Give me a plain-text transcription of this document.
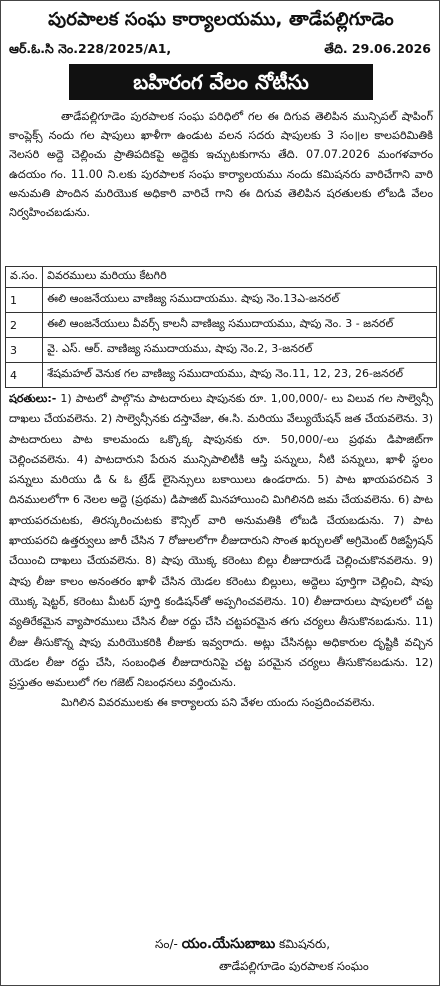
పురపాలక సంఘ కార్యాలయము, తాడేపల్లిగూడెం
ఆర్.ఓ.సి నెం.228/2025/A1,	తేది. 29.06.2026
బహిరంగ వేలం నోటీసు

తాడేపల్లిగూడెం పురపాలక సంఘ పరిధిలో గల ఈ దిగువ తెలిపిన మున్సిపల్ షాపింగ్ కాంప్లెక్స్ నందు గల షాపులు ఖాళీగా ఉండుట వలన సదరు షాపులకు 3 సం॥ల కాలపరిమితికి నెలసరి అద్దె చెల్లించు ప్రాతిపదికపై అద్దెకు ఇచ్చుటకుగాను తేది. 07.07.2026 మంగళవారం ఉదయం గం. 11.00 ని.లకు పురపాలక సంఘ కార్యాలయము నందు కమిషనరు వారిచేగాని వారి అనుమతి పొందిన మరియొక అధికారి వారిచే గాని ఈ దిగువ తెలిపిన షరతులకు లోబడి వేలం నిర్వహించబడును.

వ.సం.	వివరములు మరియు కేటగిరి
1	ఈలి ఆంజనేయులు వాణిజ్య సముదాయము. షాపు నెం.13ఎ-జనరల్
2	ఈలి ఆంజనేయులు వీవర్స్ కాలనీ వాణిజ్య సముదాయము, షాపు నెం. 3 - జనరల్
3	వై. ఎస్. ఆర్. వాణిజ్య సముదాయము, షాపు నెం.2, 3-జనరల్
4	శేషమహల్ వెనుక గల వాణిజ్య సముదాయము, షాపు నెం.11, 12, 23, 26-జనరల్

షరతులు:- 1) పాటలో పాల్గొను పాటదారులు షాపునకు రూ. 1,00,000/- లు విలువ గల సాల్వెన్సీ దాఖలు చేయవలెను. 2) సాల్వెన్సీనకు దస్తావేజు, ఈ.సి. మరియు వేల్యుయేషన్ జత చేయవలెను. 3) పాటదారులు పాట కాలమందు ఒక్కొక్క షాపునకు రూ. 50,000/-లు ప్రథమ డిపాజిట్‌గా చెల్లించవలెను. 4) పాటదారుని పేరున మున్సిపాలిటీకి ఆస్తి పన్నులు, నీటి పన్నులు, ఖాళీ స్థలం పన్నులు మరియు డి & ఓ ట్రేడ్ లైసెన్సులు బకాయిలు ఉండరాదు. 5) పాట ఖాయపరచిన 3 దినములలోగా 6 నెలల అద్దె (ప్రథమ) డిపాజిట్ మినహాయించి మిగిలినది జమ చేయవలెను. 6) పాట ఖాయపరచుటకు, తిరస్కరించుటకు కౌన్సిల్ వారి అనుమతికి లోబడి చేయబడును. 7) పాట ఖాయపరచి ఉత్తర్వులు జారీ చేసిన 7 రోజులలోగా లీజుదారుని సొంత ఖర్చులతో అగ్రిమెంట్ రిజిస్ట్రేషన్ చేయించి దాఖలు చేయవలెను. 8) షాపు యొక్క కరెంటు బిల్లు లీజుదారుడే చెల్లించుకొనవలెను. 9) షాపు లీజు కాలం అనంతరం ఖాళీ చేసిన యెడల కరెంటు బిల్లులు, అద్దెలు పూర్తిగా చెల్లించి, షాపు యొక్క షెట్టర్, కరెంటు మీటర్ పూర్తి కండిషన్‌తో అప్పగించవలెను. 10) లీజుదారులు షాపులలో చట్ట వ్యతిరేకమైన వ్యాపారములు చేసిన లీజు రద్దు చేసి చట్టపరమైన తగు చర్యలు తీసుకొనబడును. 11) లీజు తీసుకొన్న షాపు మరియొకరికి లీజుకు ఇవ్వరాదు. అట్లు చేసినట్లు అధికారుల దృష్టికి వచ్చిన యెడల లీజు రద్దు చేసి, సంబంధిత లీజుదారునిపై చట్ట పరమైన చర్యలు తీసుకొనబడును. 12) ప్రస్తుతం అమలులో గల గజెట్ నిబంధనలు వర్తించును.

మిగిలిన వివరములకు ఈ కార్యాలయ పని వేళల యందు సంప్రదించవలెను.

సం/- యం.యేసుబాబు కమిషనరు,
తాడేపల్లిగూడెం పురపాలక సంఘం
